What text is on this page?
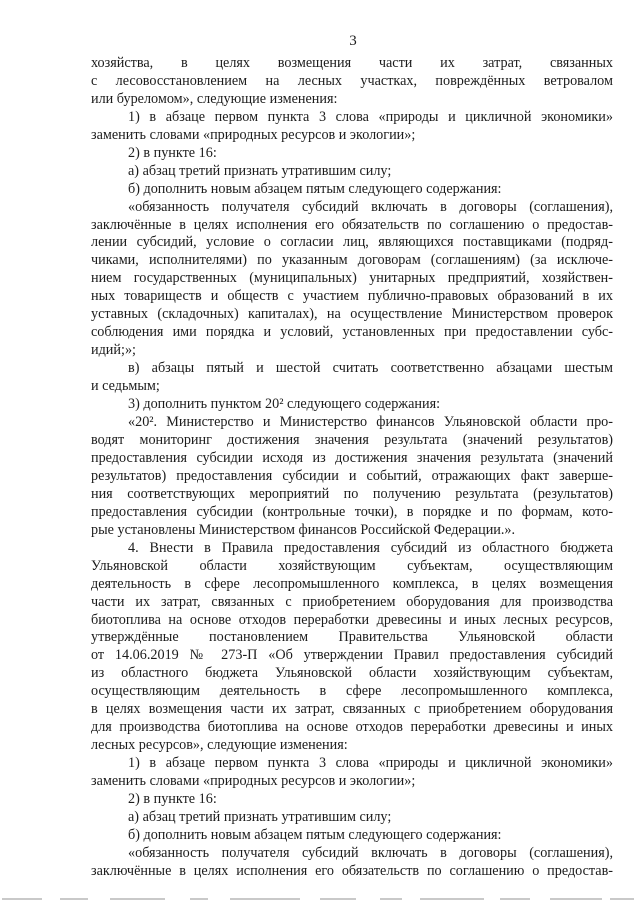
3
хозяйства, в целях возмещения части их затрат, связанных
с лесовосстановлением на лесных участках, повреждённых ветровалом
или буреломом», следующие изменения:
1) в абзаце первом пункта 3 слова «природы и цикличной экономики»
заменить словами «природных ресурсов и экологии»;
2) в пункте 16:
а) абзац третий признать утратившим силу;
б) дополнить новым абзацем пятым следующего содержания:
«обязанность получателя субсидий включать в договоры (соглашения),
заключённые в целях исполнения его обязательств по соглашению о предостав-
лении субсидий, условие о согласии лиц, являющихся поставщиками (подряд-
чиками, исполнителями) по указанным договорам (соглашениям) (за исключе-
нием государственных (муниципальных) унитарных предприятий, хозяйствен-
ных товариществ и обществ с участием публично-правовых образований в их
уставных (складочных) капиталах), на осуществление Министерством проверок
соблюдения ими порядка и условий, установленных при предоставлении субс-
идий;»;
в) абзацы пятый и шестой считать соответственно абзацами шестым
и седьмым;
3) дополнить пунктом 20² следующего содержания:
«20². Министерство и Министерство финансов Ульяновской области про-
водят мониторинг достижения значения результата (значений результатов)
предоставления субсидии исходя из достижения значения результата (значений
результатов) предоставления субсидии и событий, отражающих факт заверше-
ния соответствующих мероприятий по получению результата (результатов)
предоставления субсидии (контрольные точки), в порядке и по формам, кото-
рые установлены Министерством финансов Российской Федерации.».
4. Внести в Правила предоставления субсидий из областного бюджета
Ульяновской области хозяйствующим субъектам, осуществляющим
деятельность в сфере лесопромышленного комплекса, в целях возмещения
части их затрат, связанных с приобретением оборудования для производства
биотоплива на основе отходов переработки древесины и иных лесных ресурсов,
утверждённые постановлением Правительства Ульяновской области
от 14.06.2019 № 273-П «Об утверждении Правил предоставления субсидий
из областного бюджета Ульяновской области хозяйствующим субъектам,
осуществляющим деятельность в сфере лесопромышленного комплекса,
в целях возмещения части их затрат, связанных с приобретением оборудования
для производства биотоплива на основе отходов переработки древесины и иных
лесных ресурсов», следующие изменения:
1) в абзаце первом пункта 3 слова «природы и цикличной экономики»
заменить словами «природных ресурсов и экологии»;
2) в пункте 16:
а) абзац третий признать утратившим силу;
б) дополнить новым абзацем пятым следующего содержания:
«обязанность получателя субсидий включать в договоры (соглашения),
заключённые в целях исполнения его обязательств по соглашению о предостав-
